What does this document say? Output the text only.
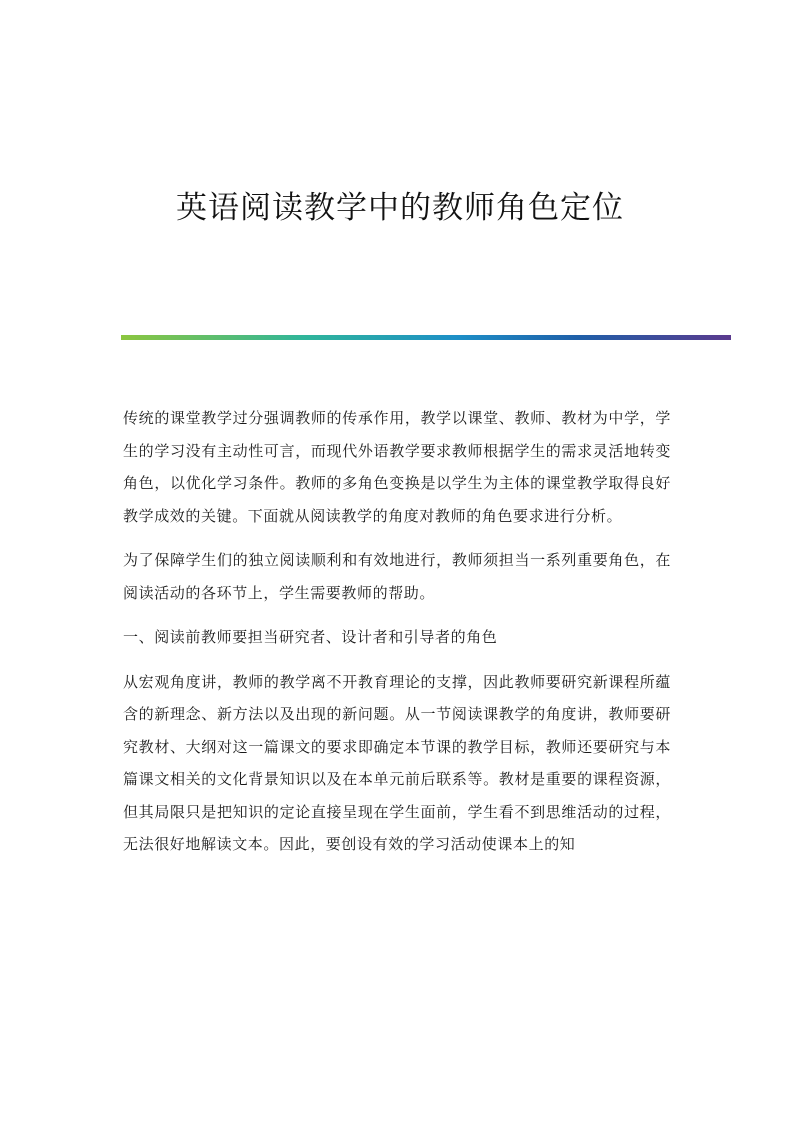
英语阅读教学中的教师角色定位

传统的课堂教学过分强调教师的传承作用，教学以课堂、教师、教材为中学，学生的学习没有主动性可言，而现代外语教学要求教师根据学生的需求灵活地转变角色，以优化学习条件。教师的多角色变换是以学生为主体的课堂教学取得良好教学成效的关键。下面就从阅读教学的角度对教师的角色要求进行分析。

为了保障学生们的独立阅读顺利和有效地进行，教师须担当一系列重要角色，在阅读活动的各环节上，学生需要教师的帮助。

一、阅读前教师要担当研究者、设计者和引导者的角色

从宏观角度讲，教师的教学离不开教育理论的支撑，因此教师要研究新课程所蕴含的新理念、新方法以及出现的新问题。从一节阅读课教学的角度讲，教师要研究教材、大纲对这一篇课文的要求即确定本节课的教学目标，教师还要研究与本篇课文相关的文化背景知识以及在本单元前后联系等。教材是重要的课程资源，但其局限只是把知识的定论直接呈现在学生面前，学生看不到思维活动的过程，无法很好地解读文本。因此，要创设有效的学习活动使课本上的知
